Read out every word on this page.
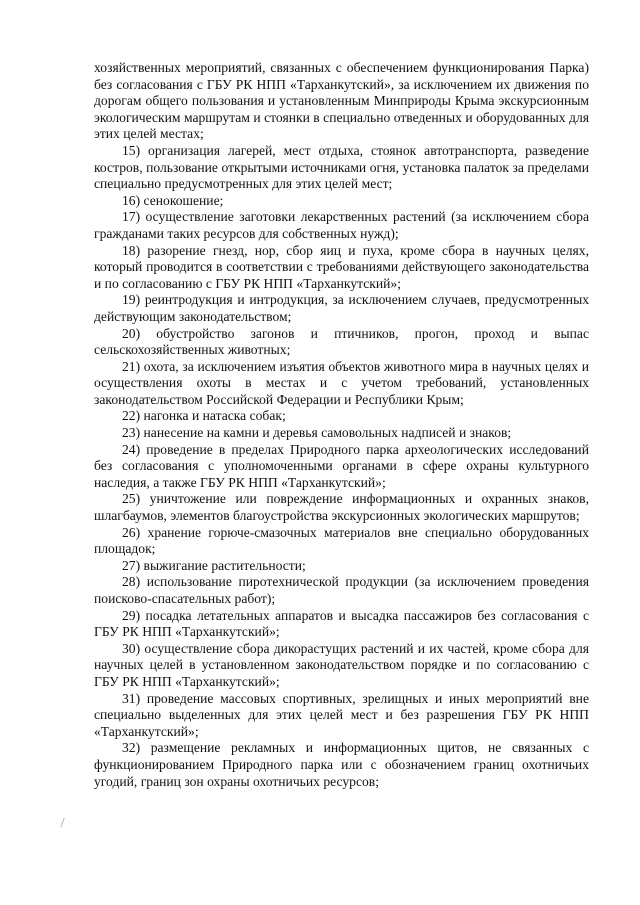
хозяйственных мероприятий, связанных с обеспечением функционирования Парка) без согласования с ГБУ РК НПП «Тарханкутский», за исключением их движения по дорогам общего пользования и установленным Минприроды Крыма экскурсионным экологическим маршрутам и стоянки в специально отведенных и оборудованных для этих целей местах;

15) организация лагерей, мест отдыха, стоянок автотранспорта, разведение костров, пользование открытыми источниками огня, установка палаток за пределами специально предусмотренных для этих целей мест;

16) сенокошение;

17) осуществление заготовки лекарственных растений (за исключением сбора гражданами таких ресурсов для собственных нужд);

18) разорение гнезд, нор, сбор яиц и пуха, кроме сбора в научных целях, который проводится в соответствии с требованиями действующего законодательства и по согласованию с ГБУ РК НПП «Тарханкутский»;

19) реинтродукция и интродукция, за исключением случаев, предусмотренных действующим законодательством;

20) обустройство загонов и птичников, прогон, проход и выпас сельскохозяйственных животных;

21) охота, за исключением изъятия объектов животного мира в научных целях и осуществления охоты в местах и с учетом требований, установленных законодательством Российской Федерации и Республики Крым;

22) нагонка и натаска собак;

23) нанесение на камни и деревья самовольных надписей и знаков;

24) проведение в пределах Природного парка археологических исследований без согласования с уполномоченными органами в сфере охраны культурного наследия, а также ГБУ РК НПП «Тарханкутский»;

25) уничтожение или повреждение информационных и охранных знаков, шлагбаумов, элементов благоустройства экскурсионных экологических маршрутов;

26) хранение горюче-смазочных материалов вне специально оборудованных площадок;

27) выжигание растительности;

28) использование пиротехнической продукции (за исключением проведения поисково-спасательных работ);

29) посадка летательных аппаратов и высадка пассажиров без согласования с ГБУ РК НПП «Тарханкутский»;

30) осуществление сбора дикорастущих растений и их частей, кроме сбора для научных целей в установленном законодательством порядке и по согласованию с ГБУ РК НПП «Тарханкутский»;

31) проведение массовых спортивных, зрелищных и иных мероприятий вне специально выделенных для этих целей мест и без разрешения ГБУ РК НПП «Тарханкутский»;

32) размещение рекламных и информационных щитов, не связанных с функционированием Природного парка или с обозначением границ охотничьих угодий, границ зон охраны охотничьих ресурсов;
